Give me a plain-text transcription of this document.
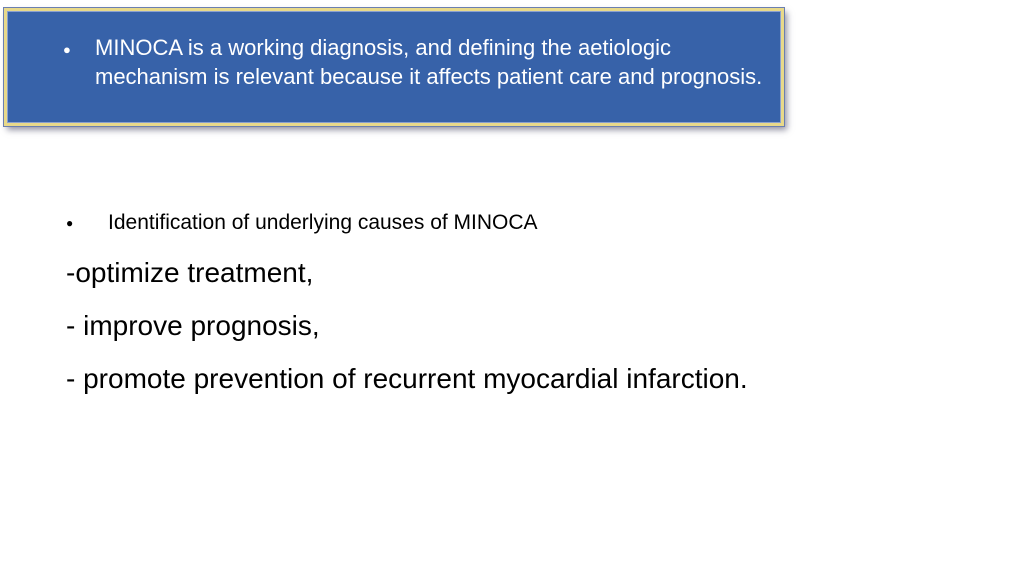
● MINOCA is a working diagnosis, and defining the aetiologic mechanism is relevant because it affects patient care and prognosis.
●	Identification of underlying causes of MINOCA
-optimize treatment,
- improve prognosis,
- promote prevention of recurrent myocardial infarction.
